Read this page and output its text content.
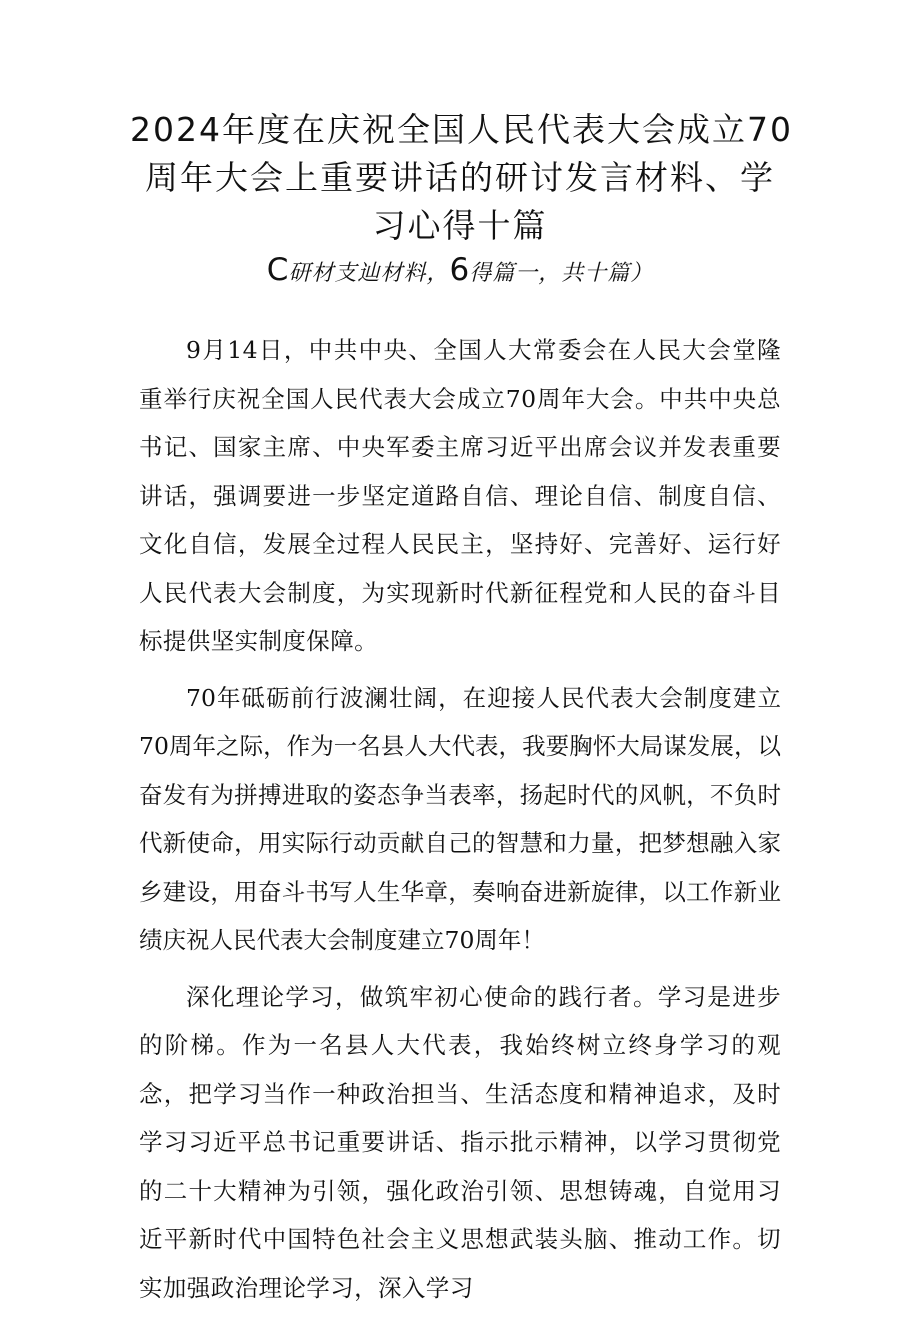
2024年度在庆祝全国人民代表大会成立70
周年大会上重要讲话的研讨发言材料、学
习心得十篇
C研材支辿材料，6得篇一，共十篇）

9月14日，中共中央、全国人大常委会在人民大会堂隆重举行庆祝全国人民代表大会成立70周年大会。中共中央总书记、国家主席、中央军委主席习近平出席会议并发表重要讲话，强调要进一步坚定道路自信、理论自信、制度自信、文化自信，发展全过程人民民主，坚持好、完善好、运行好人民代表大会制度，为实现新时代新征程党和人民的奋斗目标提供坚实制度保障。

70年砥砺前行波澜壮阔，在迎接人民代表大会制度建立70周年之际，作为一名县人大代表，我要胸怀大局谋发展，以奋发有为拼搏进取的姿态争当表率，扬起时代的风帆，不负时代新使命，用实际行动贡献自己的智慧和力量，把梦想融入家乡建设，用奋斗书写人生华章，奏响奋进新旋律，以工作新业绩庆祝人民代表大会制度建立70周年！

深化理论学习，做筑牢初心使命的践行者。学习是进步的阶梯。作为一名县人大代表，我始终树立终身学习的观念，把学习当作一种政治担当、生活态度和精神追求，及时学习习近平总书记重要讲话、指示批示精神，以学习贯彻党的二十大精神为引领，强化政治引领、思想铸魂，自觉用习近平新时代中国特色社会主义思想武装头脑、推动工作。切实加强政治理论学习，深入学习
